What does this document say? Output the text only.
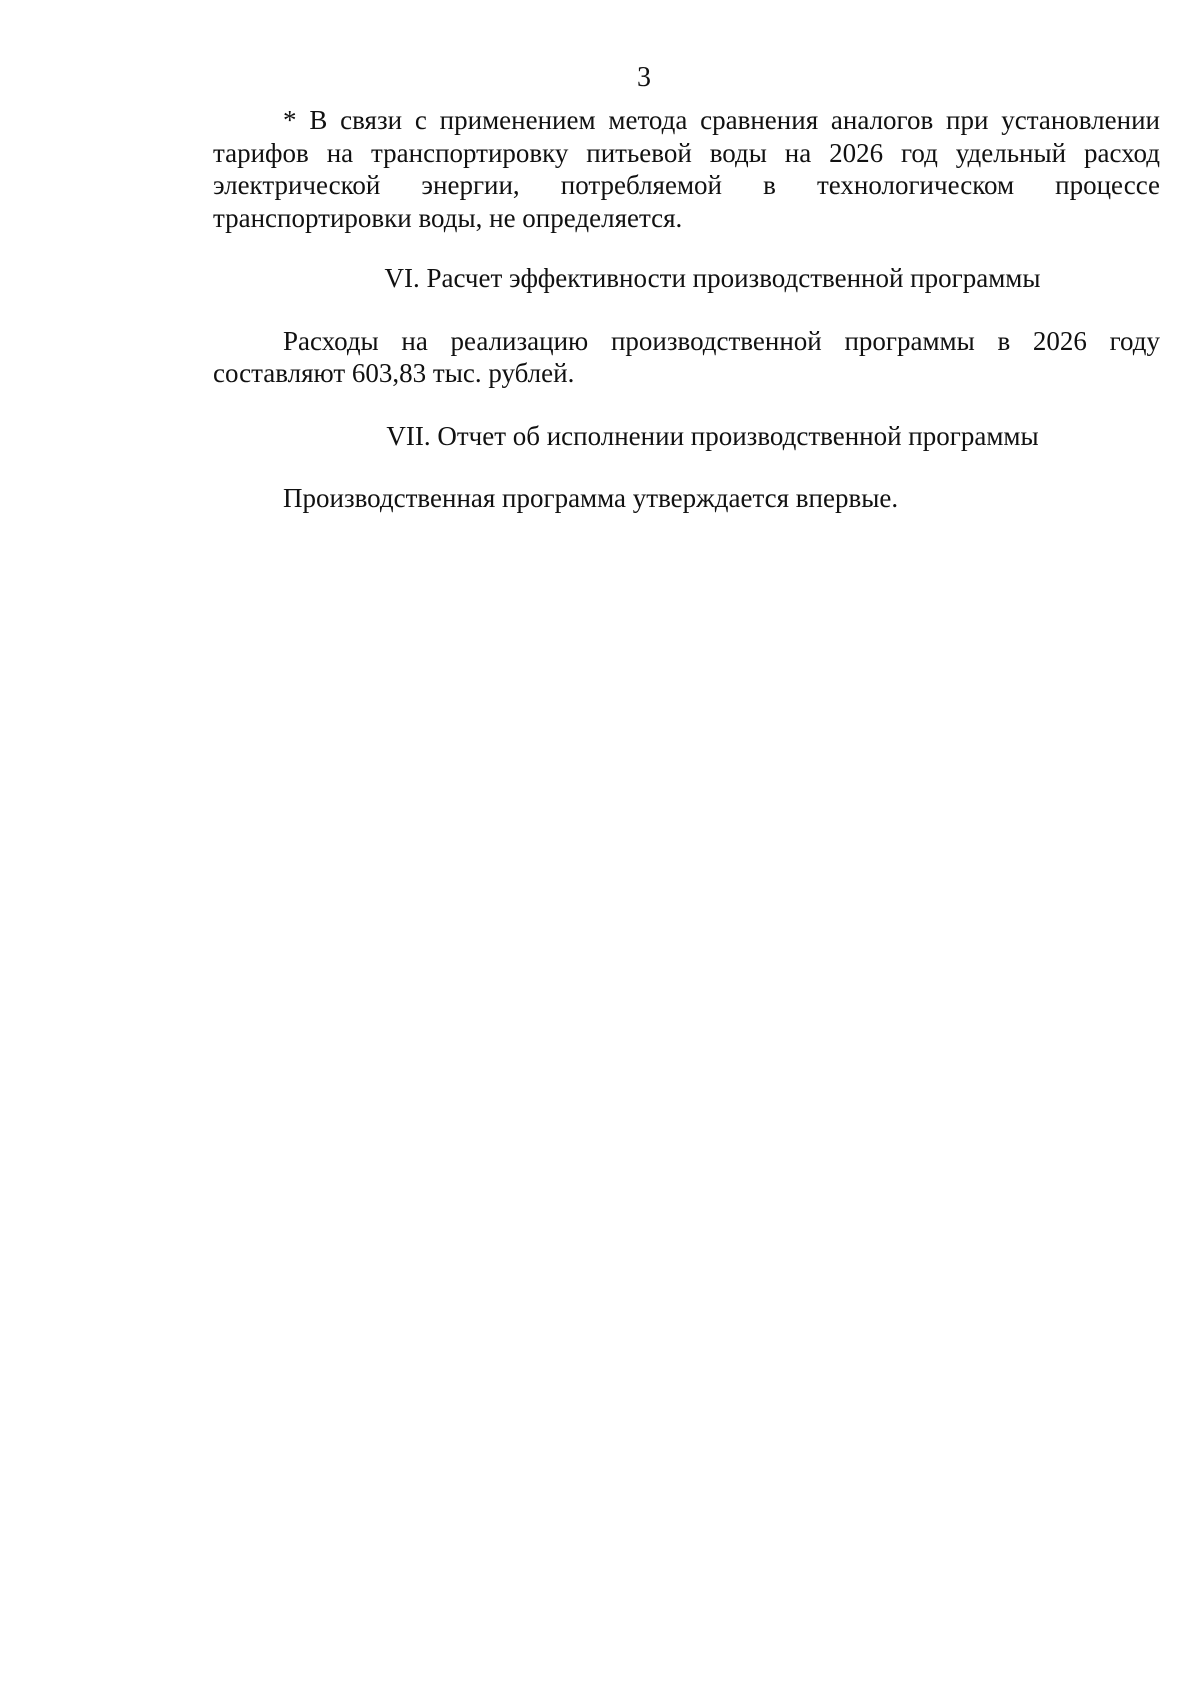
3

* В связи с применением метода сравнения аналогов при установлении тарифов на транспортировку питьевой воды на 2026 год удельный расход электрической энергии, потребляемой в технологическом процессе транспортировки воды, не определяется.

VI. Расчет эффективности производственной программы

Расходы на реализацию производственной программы в 2026 году составляют 603,83 тыс. рублей.

VII. Отчет об исполнении производственной программы

Производственная программа утверждается впервые.
